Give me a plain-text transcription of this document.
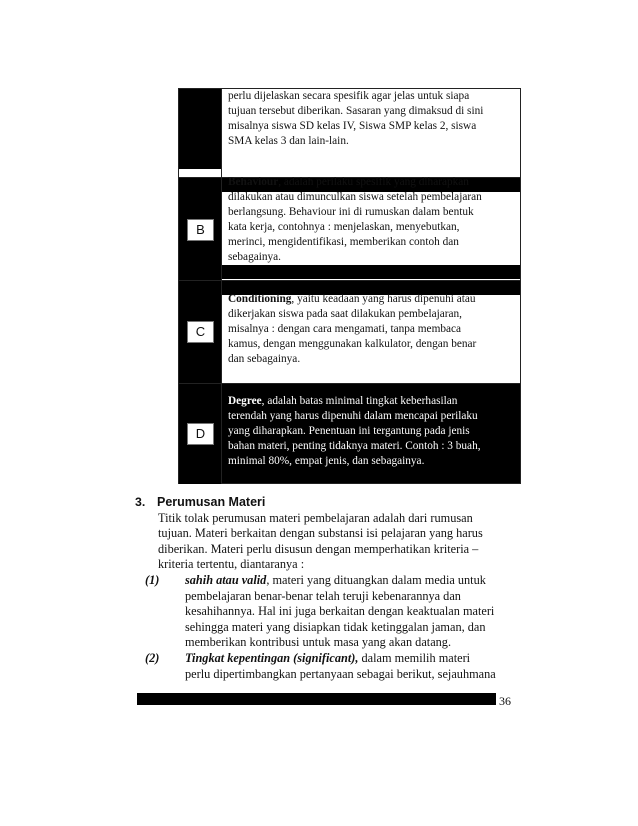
B
C
D

perlu dijelaskan secara spesifik agar jelas untuk siapa

tujuan tersebut diberikan. Sasaran yang dimaksud di sini

misalnya siswa SD kelas IV, Siswa SMP kelas 2, siswa

SMA kelas 3 dan lain-lain.

Behaviour, adalah perilaku spesifik yang diharapkan

dilakukan atau dimunculkan siswa setelah pembelajaran

berlangsung. Behaviour ini di rumuskan dalam bentuk

kata kerja, contohnya : menjelaskan, menyebutkan,

merinci, mengidentifikasi, memberikan contoh dan

sebagainya.

Conditioning, yaitu keadaan yang harus dipenuhi atau

dikerjakan siswa pada saat dilakukan pembelajaran,

misalnya : dengan cara mengamati, tanpa membaca

kamus, dengan menggunakan kalkulator, dengan benar

dan sebagainya.

Degree, adalah batas minimal tingkat keberhasilan

terendah yang harus dipenuhi dalam mencapai perilaku

yang diharapkan. Penentuan ini tergantung pada jenis

bahan materi, penting tidaknya materi. Contoh : 3 buah,

minimal 80%, empat jenis, dan sebagainya.

3. Perumusan Materi
Titik tolak perumusan materi pembelajaran adalah dari rumusan
tujuan. Materi berkaitan dengan substansi isi pelajaran yang harus
diberikan. Materi perlu disusun dengan memperhatikan kriteria –
kriteria tertentu, diantaranya :
(1) sahih atau valid, materi yang dituangkan dalam media untuk
pembelajaran benar-benar telah teruji kebenarannya dan
kesahihannya. Hal ini juga berkaitan dengan keaktualan materi
sehingga materi yang disiapkan tidak ketinggalan jaman, dan
memberikan kontribusi untuk masa yang akan datang.
(2) Tingkat kepentingan (significant), dalam memilih materi
perlu dipertimbangkan pertanyaan sebagai berikut, sejauhmana
36
